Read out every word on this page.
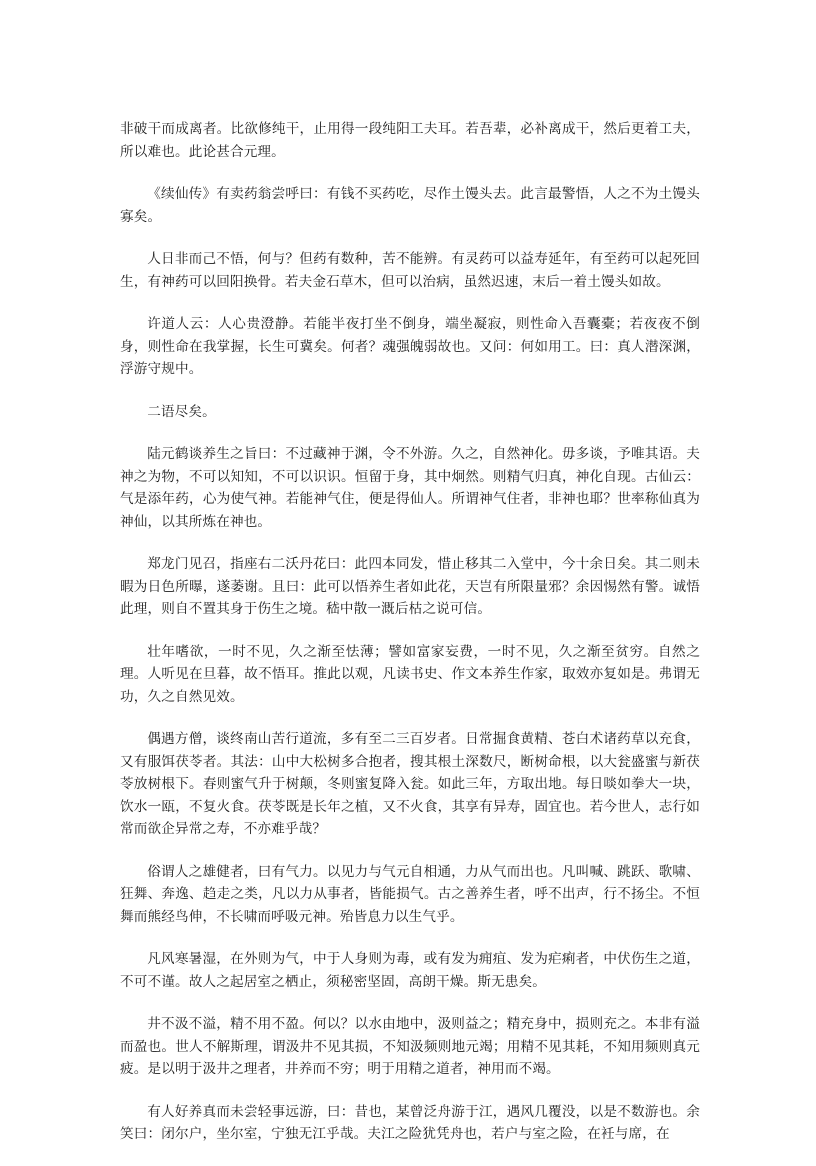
非破干而成离者。比欲修纯干，止用得一段纯阳工夫耳。若吾辈，必补离成干，然后更着工夫，所以难也。此论甚合元理。

《续仙传》有卖药翁尝呼曰：有钱不买药吃，尽作土馒头去。此言最警悟，人之不为土馒头寡矣。

人日非而己不悟，何与？但药有数种，苦不能辨。有灵药可以益寿延年，有至药可以起死回生，有神药可以回阳换骨。若夫金石草木，但可以治病，虽然迟速，末后一着土馒头如故。

许道人云：人心贵澄静。若能半夜打坐不倒身，端坐凝寂，则性命入吾囊橐；若夜夜不倒身，则性命在我掌握，长生可冀矣。何者？魂强魄弱故也。又问：何如用工。曰：真人潜深渊，浮游守规中。

二语尽矣。

陆元鹤谈养生之旨曰：不过藏神于渊，令不外游。久之，自然神化。毋多谈，予唯其语。夫神之为物，不可以知知，不可以识识。恒留于身，其中炯然。则精气归真，神化自现。古仙云：气是添年药，心为使气神。若能神气住，便是得仙人。所谓神气住者，非神也耶？世率称仙真为神仙，以其所炼在神也。

郑龙门见召，指座右二沃丹花曰：此四本同发，惜止移其二入堂中，今十余日矣。其二则未暇为日色所曝，遂萎谢。且曰：此可以悟养生者如此花，天岂有所限量邪？余因惕然有警。诚悟此理，则自不置其身于伤生之境。嵇中散一溉后枯之说可信。

壮年嗜欲，一时不见，久之渐至怯薄；譬如富家妄费，一时不见，久之渐至贫穷。自然之理。人听见在旦暮，故不悟耳。推此以观，凡读书史、作文本养生作家，取效亦复如是。弗谓无功，久之自然见效。

偶遇方僧，谈终南山苦行道流，多有至二三百岁者。日常掘食黄精、苍白术诸药草以充食，又有服饵茯苓者。其法：山中大松树多合抱者，搜其根土深数尺，断树命根，以大瓮盛蜜与新茯苓放树根下。春则蜜气升于树颠，冬则蜜复降入瓮。如此三年，方取出地。每日啖如拳大一块，饮水一瓯，不复火食。茯苓既是长年之植，又不火食，其享有异寿，固宜也。若今世人，志行如常而欲企异常之寿，不亦难乎哉？

俗谓人之雄健者，曰有气力。以见力与气元自相通，力从气而出也。凡叫喊、跳跃、歌啸、狂舞、奔逸、趋走之类，凡以力从事者，皆能损气。古之善养生者，呼不出声，行不扬尘。不恒舞而熊经鸟伸，不长啸而呼吸元神。殆皆息力以生气乎。

凡风寒暑湿，在外则为气，中于人身则为毒，或有发为痈疽、发为疟痢者，中伏伤生之道，不可不谨。故人之起居室之栖止，须秘密坚固，高朗干燥。斯无患矣。

井不汲不溢，精不用不盈。何以？以水由地中，汲则益之；精充身中，损则充之。本非有溢而盈也。世人不解斯理，谓汲井不见其损，不知汲频则地元竭；用精不见其耗，不知用频则真元疲。是以明于汲井之理者，井养而不穷；明于用精之道者，神用而不竭。

有人好养真而未尝轻事远游，曰：昔也，某曾泛舟游于江，遇风几覆没，以是不数游也。余笑曰：闭尔户，坐尔室，宁独无江乎哉。夫江之险犹凭舟也，若户与室之险，在衽与席，在
